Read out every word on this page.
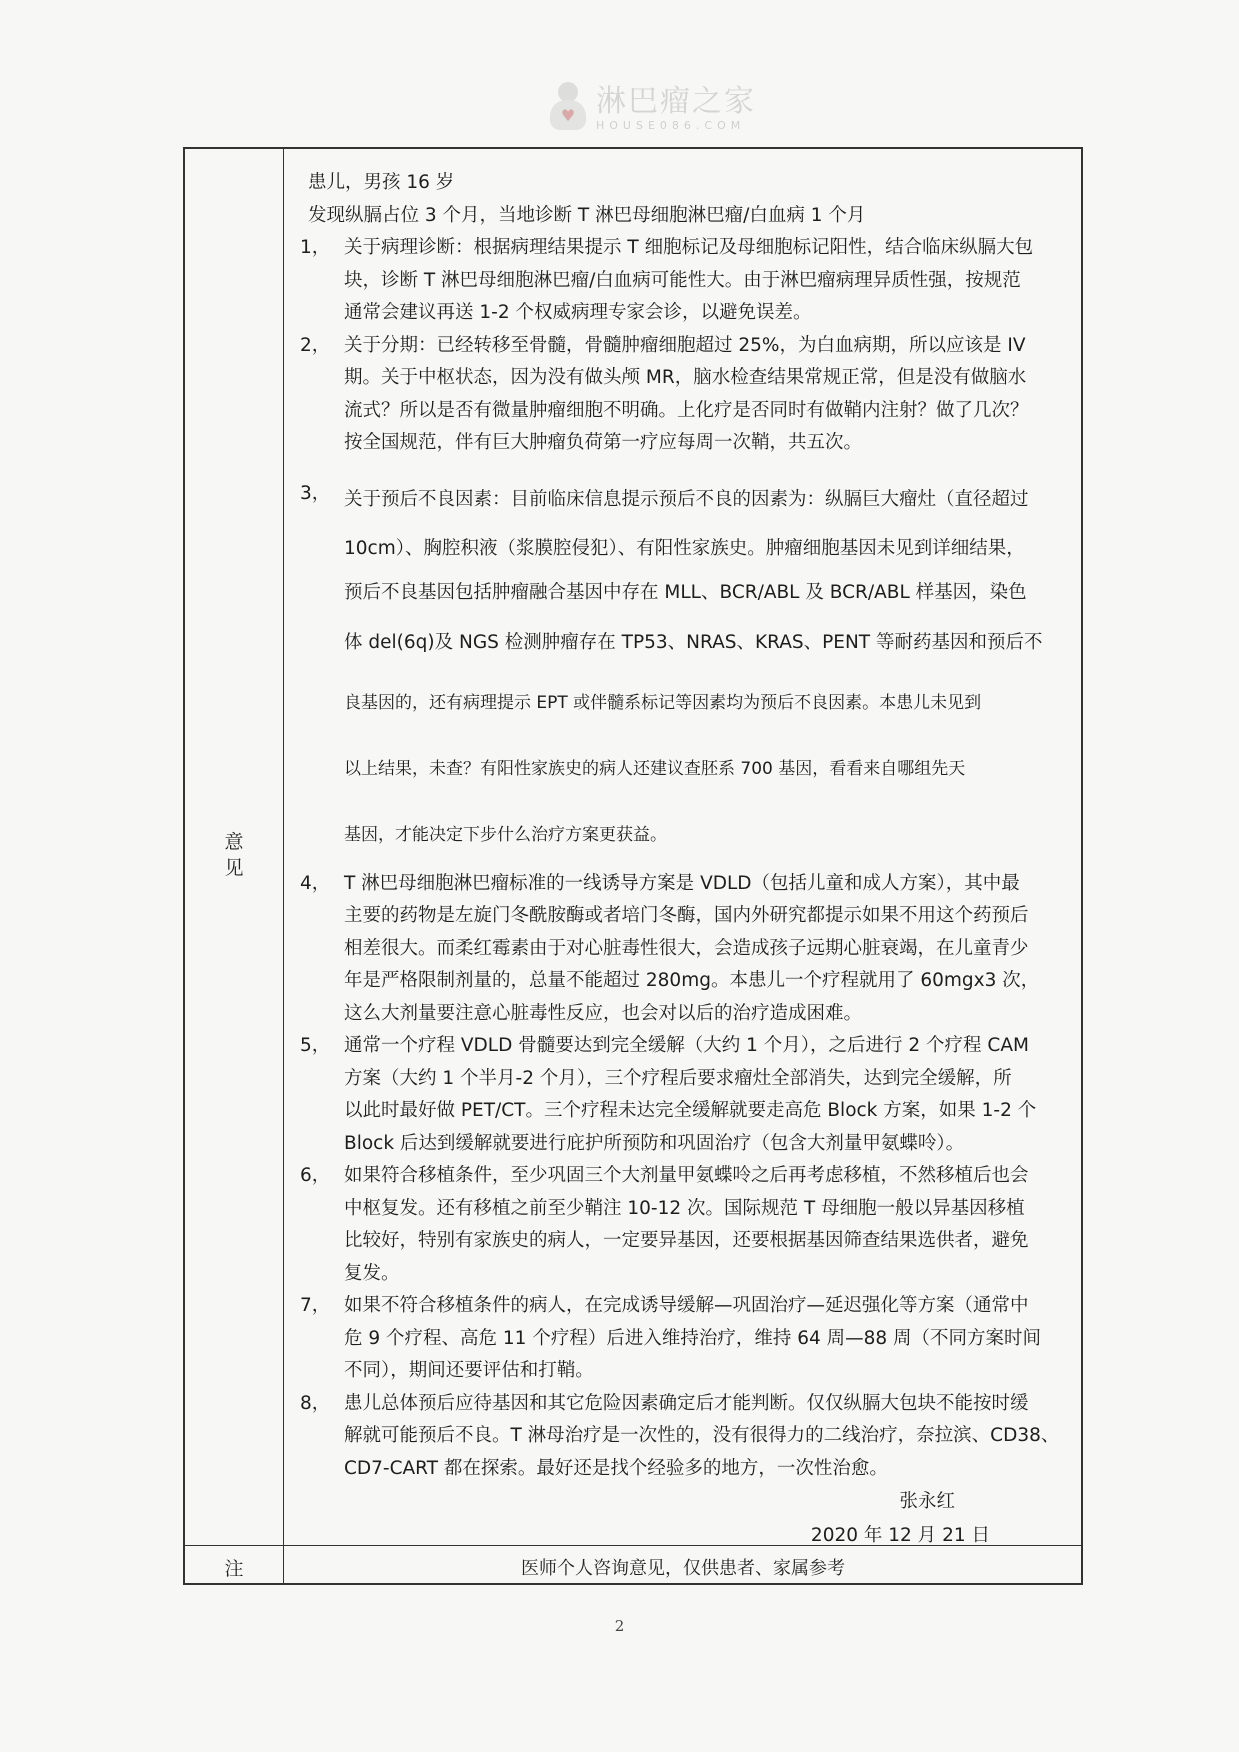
♥ 淋巴瘤之家
HOUSE086.COM
意
见
注	医师个人咨询意见，仅供患者、家属参考
患儿，男孩 16 岁
发现纵膈占位 3 个月，当地诊断 T 淋巴母细胞淋巴瘤/白血病 1 个月
1， 关于病理诊断：根据病理结果提示 T 细胞标记及母细胞标记阳性，结合临床纵膈大包
块，诊断 T 淋巴母细胞淋巴瘤/白血病可能性大。由于淋巴瘤病理异质性强，按规范
通常会建议再送 1-2 个权威病理专家会诊，以避免误差。
2， 关于分期：已经转移至骨髓，骨髓肿瘤细胞超过 25%，为白血病期，所以应该是 IV
期。关于中枢状态，因为没有做头颅 MR，脑水检查结果常规正常，但是没有做脑水
流式？所以是否有微量肿瘤细胞不明确。上化疗是否同时有做鞘内注射？做了几次？
按全国规范，伴有巨大肿瘤负荷第一疗应每周一次鞘，共五次。
3， 关于预后不良因素：目前临床信息提示预后不良的因素为：纵膈巨大瘤灶（直径超过
10cm）、胸腔积液（浆膜腔侵犯）、有阳性家族史。肿瘤细胞基因未见到详细结果，
预后不良基因包括肿瘤融合基因中存在 MLL、BCR/ABL 及 BCR/ABL 样基因，染色
体 del(6q)及 NGS 检测肿瘤存在 TP53、NRAS、KRAS、PENT 等耐药基因和预后不
良基因的，还有病理提示 EPT 或伴髓系标记等因素均为预后不良因素。本患儿未见到
以上结果，未查？有阳性家族史的病人还建议查胚系 700 基因，看看来自哪组先天
基因，才能决定下步什么治疗方案更获益。
4， T 淋巴母细胞淋巴瘤标准的一线诱导方案是 VDLD（包括儿童和成人方案），其中最
主要的药物是左旋门冬酰胺酶或者培门冬酶，国内外研究都提示如果不用这个药预后
相差很大。而柔红霉素由于对心脏毒性很大，会造成孩子远期心脏衰竭，在儿童青少
年是严格限制剂量的，总量不能超过 280mg。本患儿一个疗程就用了 60mgx3 次，
这么大剂量要注意心脏毒性反应，也会对以后的治疗造成困难。
5， 通常一个疗程 VDLD 骨髓要达到完全缓解（大约 1 个月），之后进行 2 个疗程 CAM
方案（大约 1 个半月-2 个月），三个疗程后要求瘤灶全部消失，达到完全缓解，所
以此时最好做 PET/CT。三个疗程未达完全缓解就要走高危 Block 方案，如果 1-2 个
Block 后达到缓解就要进行庇护所预防和巩固治疗（包含大剂量甲氨蝶呤）。
6， 如果符合移植条件，至少巩固三个大剂量甲氨蝶呤之后再考虑移植，不然移植后也会
中枢复发。还有移植之前至少鞘注 10-12 次。国际规范 T 母细胞一般以异基因移植
比较好，特别有家族史的病人，一定要异基因，还要根据基因筛查结果选供者，避免
复发。
7， 如果不符合移植条件的病人，在完成诱导缓解—巩固治疗—延迟强化等方案（通常中
危 9 个疗程、高危 11 个疗程）后进入维持治疗，维持 64 周—88 周（不同方案时间
不同），期间还要评估和打鞘。
8， 患儿总体预后应待基因和其它危险因素确定后才能判断。仅仅纵膈大包块不能按时缓
解就可能预后不良。T 淋母治疗是一次性的，没有很得力的二线治疗，奈拉滨、CD38、
CD7-CART 都在探索。最好还是找个经验多的地方，一次性治愈。
张永红
2020 年 12 月 21 日
2
